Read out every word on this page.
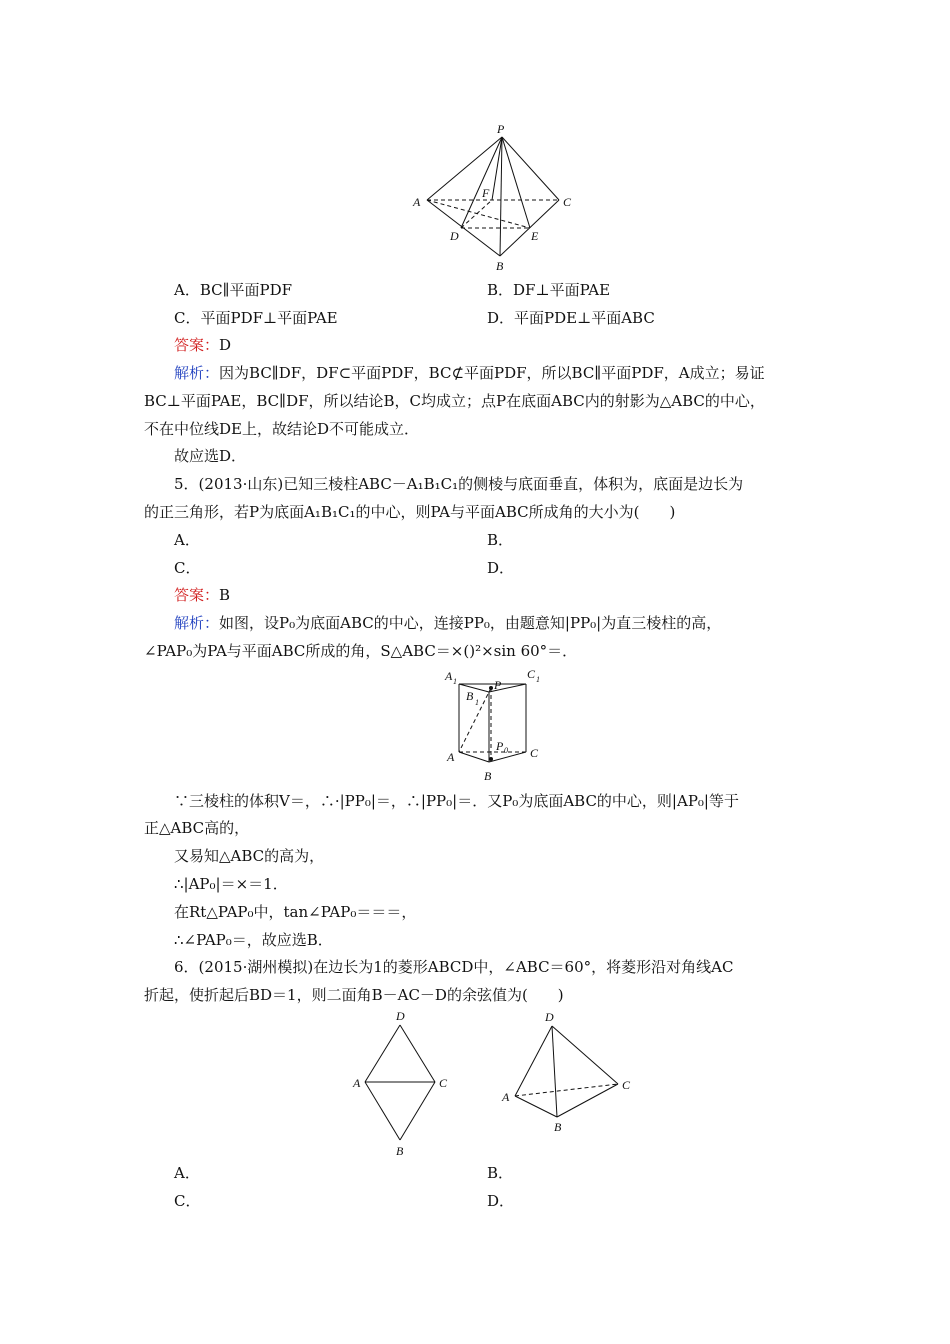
P
A	C
F
D	E
B
A．BC∥平面PDF	B．DF⊥平面PAE
C．平面PDF⊥平面PAE	D．平面PDE⊥平面ABC
答案：D
解析：因为BC∥DF，DF⊂平面PDF，BC⊄平面PDF，所以BC∥平面PDF，A成立；易证
BC⊥平面PAE，BC∥DF，所以结论B，C均成立；点P在底面ABC内的射影为△ABC的中心，
不在中位线DE上，故结论D不可能成立．
故应选D．
5．(2013·山东)已知三棱柱ABC－A₁B₁C₁的侧棱与底面垂直，体积为，底面是边长为
的正三角形，若P为底面A₁B₁C₁的中心，则PA与平面ABC所成角的大小为(　　)
A．	B．
C．	D．
答案：B
解析：如图，设P₀为底面ABC的中心，连接PP₀，由题意知|PP₀|为直三棱柱的高，
∠PAP₀为PA与平面ABC所成的角，S△ABC＝×()²×sin 60°＝．
A 1
C 1
B 1
P
P 0
A	C
B
∵三棱柱的体积V＝，∴·|PP₀|＝，∴|PP₀|＝．又P₀为底面ABC的中心，则|AP₀|等于
正△ABC高的，
又易知△ABC的高为，
∴|AP₀|＝×＝1．
在Rt△PAP₀中，tan∠PAP₀＝＝＝，
∴∠PAP₀＝，故应选B．
6．(2015·湖州模拟)在边长为1的菱形ABCD中，∠ABC＝60°，将菱形沿对角线AC
折起，使折起后BD＝1，则二面角B－AC－D的余弦值为(　　)
D
A	C
B
D
A
C
B
A．	B．
C．	D．
